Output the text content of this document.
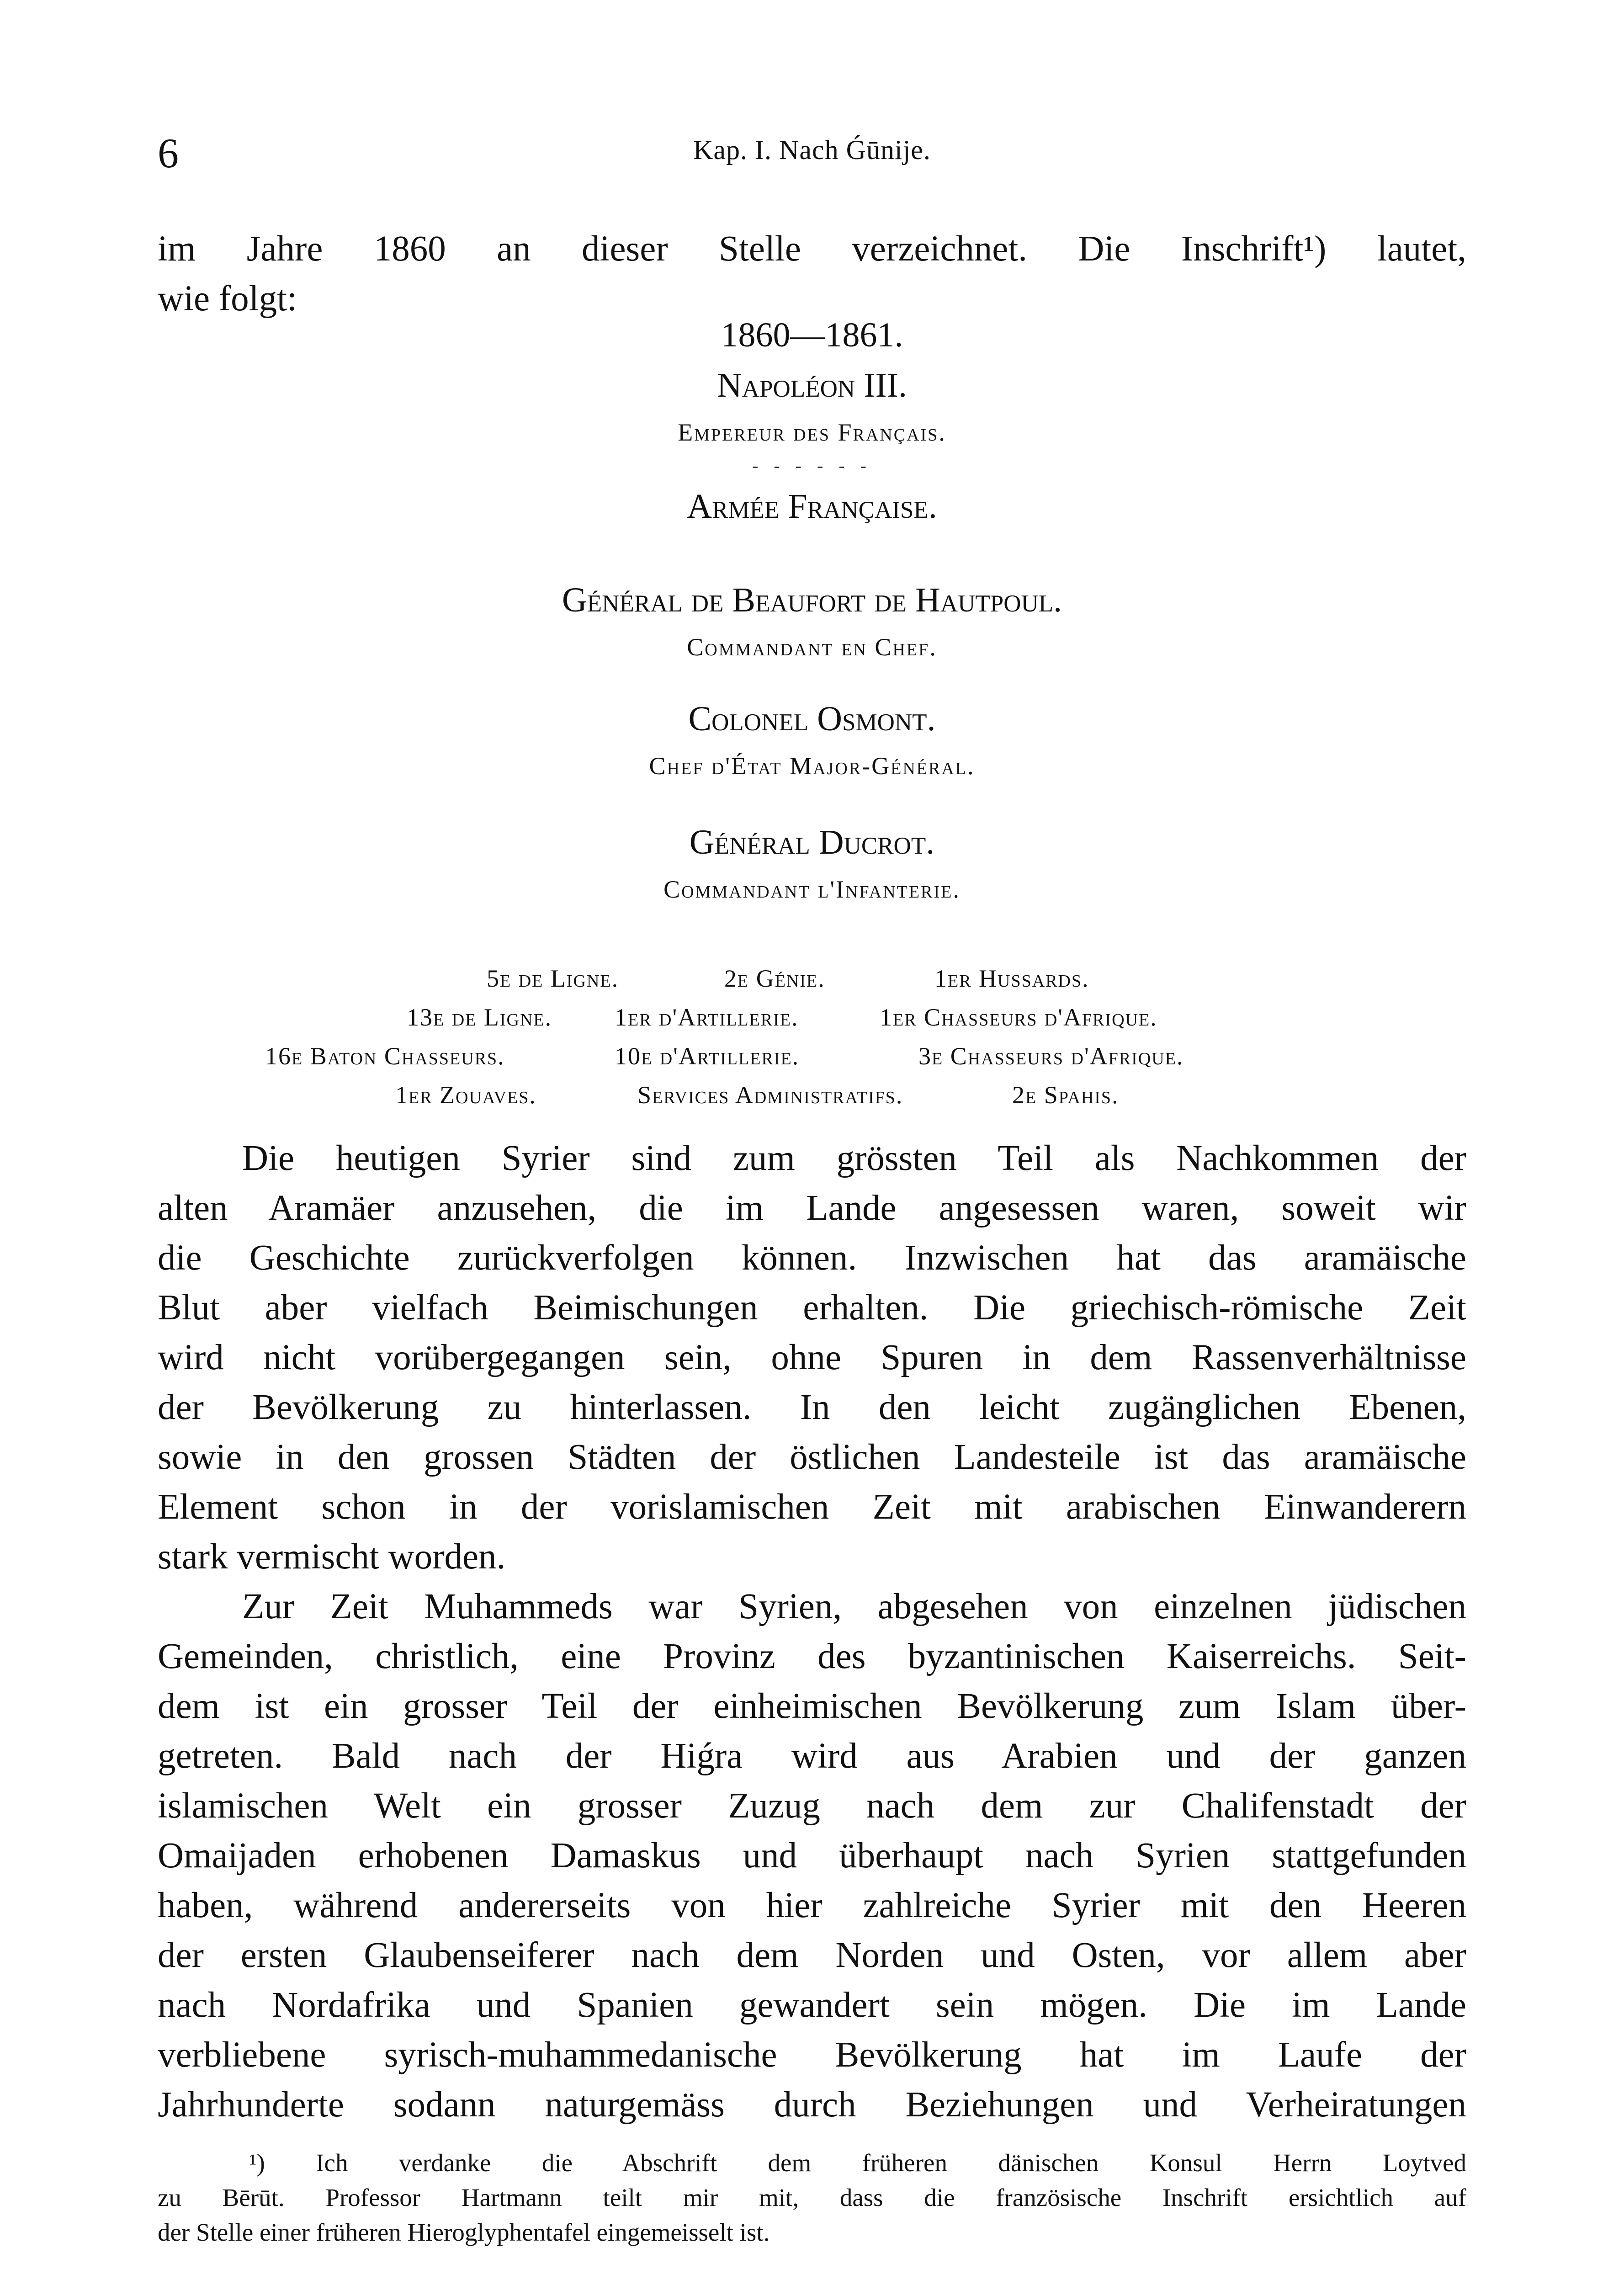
6	Kap. I. Nach Ǵūnije.
im Jahre 1860 an dieser Stelle verzeichnet. Die Inschrift¹) lautet,
wie folgt:
1860—1861.
Napoléon III.
Empereur des Français.
- - - - - -
Armée Française.
Général de Beaufort de Hautpoul.
Commandant en Chef.
Colonel Osmont.
Chef d'État Major-Général.
Général Ducrot.
Commandant l'Infanterie.
5e de Ligne.	2e Génie.	1er Hussards.
13e de Ligne.	1er d'Artillerie.	1er Chasseurs d'Afrique.
16e Baton Chasseurs.	10e d'Artillerie.	3e Chasseurs d'Afrique.
1er Zouaves.	Services Administratifs.	2e Spahis.
Die heutigen Syrier sind zum grössten Teil als Nachkommen der
alten Aramäer anzusehen, die im Lande angesessen waren, soweit wir
die Geschichte zurückverfolgen können. Inzwischen hat das aramäische
Blut aber vielfach Beimischungen erhalten. Die griechisch-römische Zeit
wird nicht vorübergegangen sein, ohne Spuren in dem Rassenverhältnisse
der Bevölkerung zu hinterlassen. In den leicht zugänglichen Ebenen,
sowie in den grossen Städten der östlichen Landesteile ist das aramäische
Element schon in der vorislamischen Zeit mit arabischen Einwanderern
stark vermischt worden.
Zur Zeit Muhammeds war Syrien, abgesehen von einzelnen jüdischen
Gemeinden, christlich, eine Provinz des byzantinischen Kaiserreichs. Seit-
dem ist ein grosser Teil der einheimischen Bevölkerung zum Islam über-
getreten. Bald nach der Hiǵra wird aus Arabien und der ganzen
islamischen Welt ein grosser Zuzug nach dem zur Chalifenstadt der
Omaijaden erhobenen Damaskus und überhaupt nach Syrien stattgefunden
haben, während andererseits von hier zahlreiche Syrier mit den Heeren
der ersten Glaubenseiferer nach dem Norden und Osten, vor allem aber
nach Nordafrika und Spanien gewandert sein mögen. Die im Lande
verbliebene syrisch-muhammedanische Bevölkerung hat im Laufe der
Jahrhunderte sodann naturgemäss durch Beziehungen und Verheiratungen
¹) Ich verdanke die Abschrift dem früheren dänischen Konsul Herrn Loytved
zu Bērūt. Professor Hartmann teilt mir mit, dass die französische Inschrift ersichtlich auf
der Stelle einer früheren Hieroglyphentafel eingemeisselt ist.
